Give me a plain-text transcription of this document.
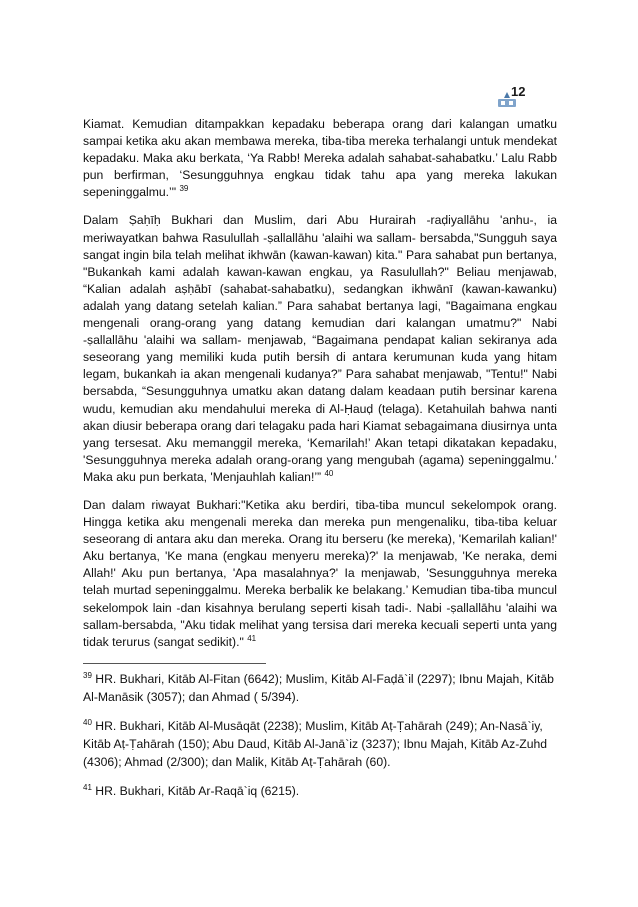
12

Kiamat. Kemudian ditampakkan kepadaku beberapa orang dari kalangan umatku sampai ketika aku akan membawa mereka, tiba-tiba mereka terhalangi untuk mendekat kepadaku. Maka aku berkata, ‘Ya Rabb! Mereka adalah sahabat-sahabatku.’ Lalu Rabb pun berfirman, ‘Sesungguhnya engkau tidak tahu apa yang mereka lakukan sepeninggalmu.’" $^{39}$

Dalam Ṣaḥīḥ Bukhari dan Muslim, dari Abu Hurairah -raḍiyallāhu 'anhu-, ia meriwayatkan bahwa Rasulullah -ṣallallāhu 'alaihi wa sallam- bersabda,"Sungguh saya sangat ingin bila telah melihat ikhwān (kawan-kawan) kita." Para sahabat pun bertanya, "Bukankah kami adalah kawan-kawan engkau, ya Rasulullah?" Beliau menjawab, “Kalian adalah aṣḥābī (sahabat-sahabatku), sedangkan ikhwānī (kawan-kawanku) adalah yang datang setelah kalian.” Para sahabat bertanya lagi, "Bagaimana engkau mengenali orang-orang yang datang kemudian dari kalangan umatmu?" Nabi -ṣallallāhu 'alaihi wa sallam- menjawab, “Bagaimana pendapat kalian sekiranya ada seseorang yang memiliki kuda putih bersih di antara kerumunan kuda yang hitam legam, bukankah ia akan mengenali kudanya?” Para sahabat menjawab, "Tentu!" Nabi bersabda, “Sesungguhnya umatku akan datang dalam keadaan putih bersinar karena wudu, kemudian aku mendahului mereka di Al-Ḥauḍ (telaga). Ketahuilah bahwa nanti akan diusir beberapa orang dari telagaku pada hari Kiamat sebagaimana diusirnya unta yang tersesat. Aku memanggil mereka, ‘Kemarilah!’ Akan tetapi dikatakan kepadaku, 'Sesungguhnya mereka adalah orang-orang yang mengubah (agama) sepeninggalmu.’ Maka aku pun berkata, 'Menjauhlah kalian!’” $^{40}$

Dan dalam riwayat Bukhari:"Ketika aku berdiri, tiba-tiba muncul sekelompok orang. Hingga ketika aku mengenali mereka dan mereka pun mengenaliku, tiba-tiba keluar seseorang di antara aku dan mereka. Orang itu berseru (ke mereka), 'Kemarilah kalian!' Aku bertanya, 'Ke mana (engkau menyeru mereka)?' Ia menjawab, 'Ke neraka, demi Allah!' Aku pun bertanya, 'Apa masalahnya?' Ia menjawab, 'Sesungguhnya mereka telah murtad sepeninggalmu. Mereka berbalik ke belakang.’ Kemudian tiba-tiba muncul sekelompok lain -dan kisahnya berulang seperti kisah tadi-. Nabi -ṣallallāhu 'alaihi wa sallam-bersabda, "Aku tidak melihat yang tersisa dari mereka kecuali seperti unta yang tidak terurus (sangat sedikit)." $^{41}$

$^{39}$ HR. Bukhari, Kitāb Al-Fitan (6642); Muslim, Kitāb Al-Faḍā`il (2297); Ibnu Majah, Kitāb Al-Manāsik (3057); dan Ahmad ( 5/394).

$^{40}$ HR. Bukhari, Kitāb Al-Musāqāt (2238); Muslim, Kitāb Aṭ-Ṭahārah (249); An-Nasā`iy, Kitāb Aṭ-Ṭahārah (150); Abu Daud, Kitāb Al-Janā`iz (3237); Ibnu Majah, Kitāb Az-Zuhd (4306); Ahmad (2/300); dan Malik, Kitāb Aṭ-Ṭahārah (60).

$^{41}$ HR. Bukhari, Kitāb Ar-Raqā`iq (6215).
